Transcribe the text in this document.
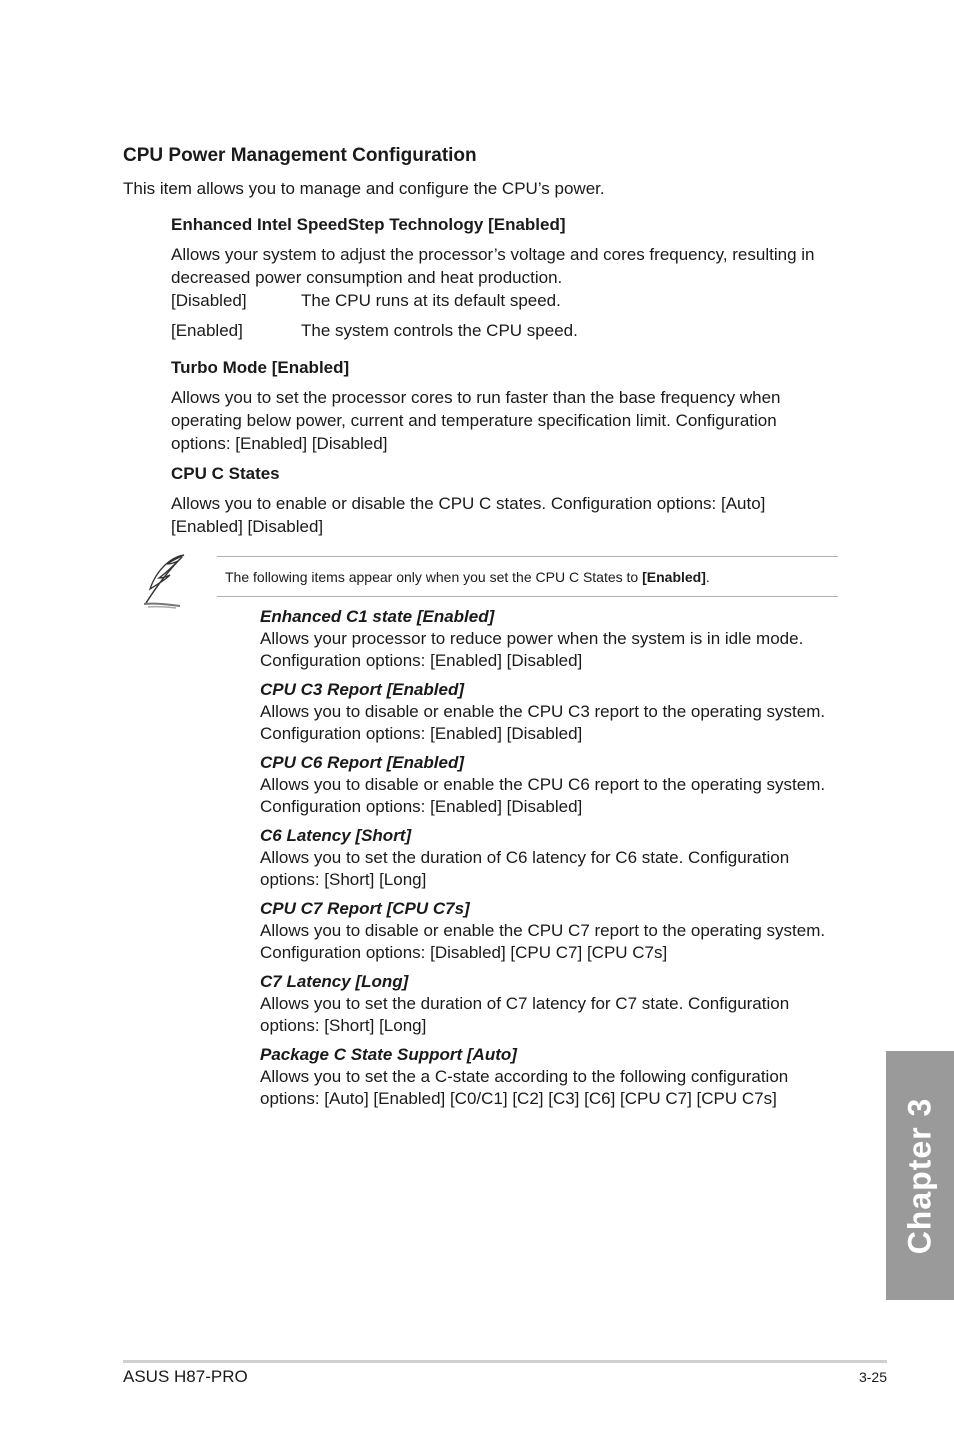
CPU Power Management Configuration

This item allows you to manage and configure the CPU’s power.

Enhanced Intel SpeedStep Technology [Enabled]

Allows your system to adjust the processor’s voltage and cores frequency, resulting in

decreased power consumption and heat production.

[Disabled]	The CPU runs at its default speed.
[Enabled]	The system controls the CPU speed.
Turbo Mode [Enabled]

Allows you to set the processor cores to run faster than the base frequency when

operating below power, current and temperature specification limit. Configuration

options: [Enabled] [Disabled]

CPU C States

Allows you to enable or disable the CPU C states. Configuration options: [Auto]

[Enabled] [Disabled]

The following items appear only when you set the CPU C States to [Enabled].

Enhanced C1 state [Enabled]

Allows your processor to reduce power when the system is in idle mode.

Configuration options: [Enabled] [Disabled]

CPU C3 Report [Enabled]

Allows you to disable or enable the CPU C3 report to the operating system.

Configuration options: [Enabled] [Disabled]

CPU C6 Report [Enabled]

Allows you to disable or enable the CPU C6 report to the operating system.

Configuration options: [Enabled] [Disabled]

C6 Latency [Short]

Allows you to set the duration of C6 latency for C6 state. Configuration

options: [Short] [Long]

CPU C7 Report [CPU C7s]

Allows you to disable or enable the CPU C7 report to the operating system.

Configuration options: [Disabled] [CPU C7] [CPU C7s]

C7 Latency [Long]

Allows you to set the duration of C7 latency for C7 state. Configuration

options: [Short] [Long]

Package C State Support [Auto]

Allows you to set the a C-state according to the following configuration

options: [Auto] [Enabled] [C0/C1] [C2] [C3] [C6] [CPU C7] [CPU C7s]	Chapter 3
ASUS H87-PRO	3-25
